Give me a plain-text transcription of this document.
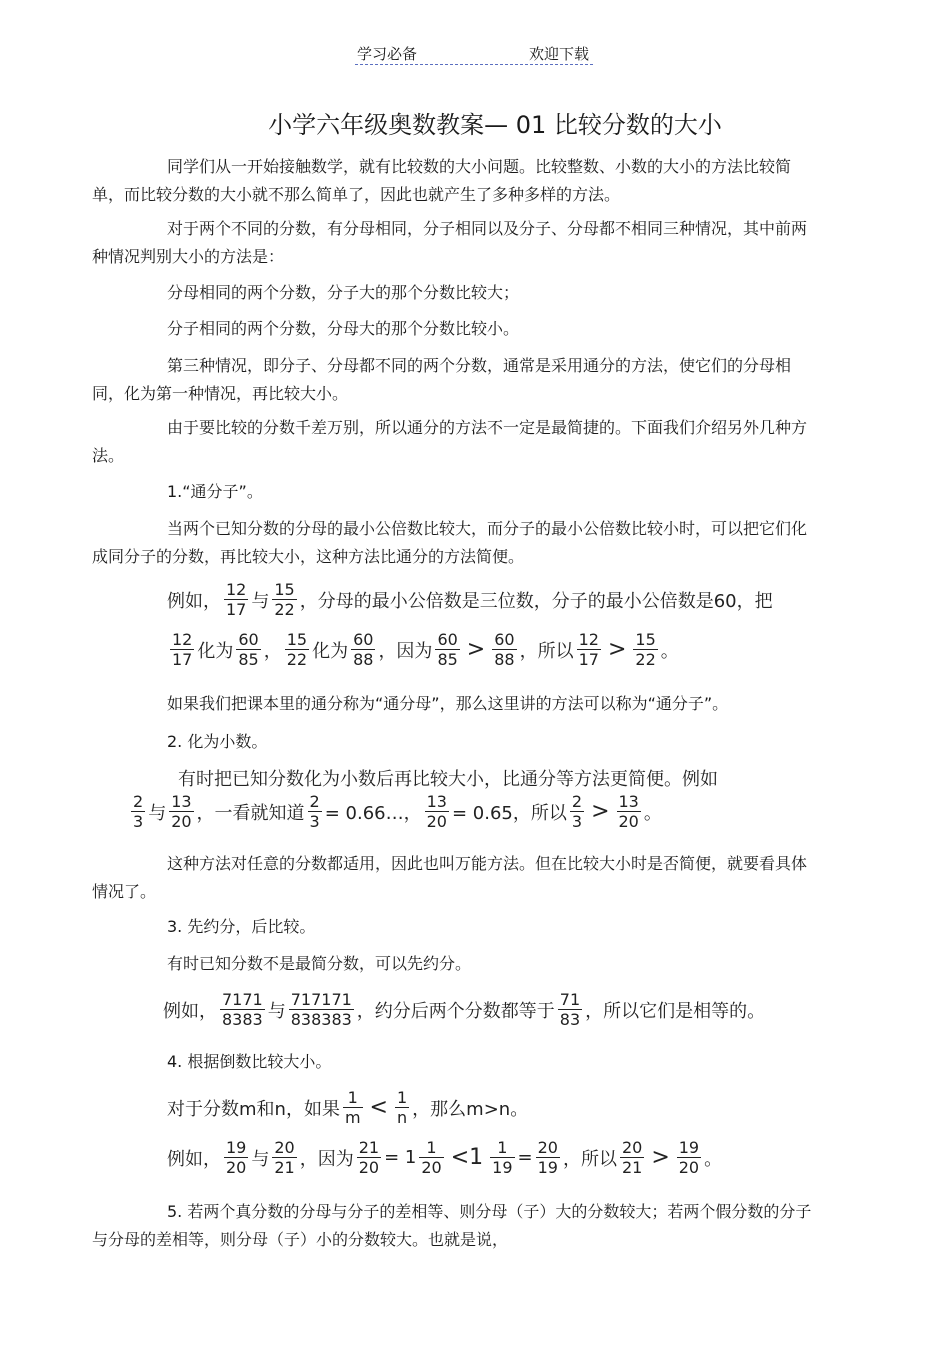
学习必备	欢迎下载
小学六年级奥数教案— 01 比较分数的大小

同学们从一开始接触数学，就有比较数的大小问题。比较整数、小数的大小的方法比较简单，而比较分数的大小就不那么简单了，因此也就产生了多种多样的方法。

对于两个不同的分数，有分母相同，分子相同以及分子、分母都不相同三种情况，其中前两种情况判别大小的方法是：

分母相同的两个分数，分子大的那个分数比较大；

分子相同的两个分数，分母大的那个分数比较小。

第三种情况，即分子、分母都不同的两个分数，通常是采用通分的方法，使它们的分母相同，化为第一种情况，再比较大小。

由于要比较的分数千差万别，所以通分的方法不一定是最简捷的。下面我们介绍另外几种方法。

1.“通分子”。

当两个已知分数的分母的最小公倍数比较大，而分子的最小公倍数比较小时，可以把它们化成同分子的分数，再比较大小，这种方法比通分的方法简便。

例如， $\frac{12}{17}$ 与 $\frac{15}{22}$ ，分母的最小公倍数是三位数，分子的最小公倍数是60，把
$\frac{12}{17}$ 化为 $\frac{60}{85}$ ， $\frac{15}{22}$ 化为 $\frac{60}{88}$ ，因为 $\frac{60}{85} > \frac{60}{88}$ ，所以 $\frac{12}{17} > \frac{15}{22}$ 。

如果我们把课本里的通分称为“通分母”，那么这里讲的方法可以称为“通分子”。

2. 化为小数。

有时把已知分数化为小数后再比较大小，比通分等方法更简便。例如
$\frac{2}{3}$ 与 $\frac{13}{20}$ ，一看就知道 $\frac{2}{3}$ = 0.66…， $\frac{13}{20} = 0.65$，所以 $\frac{2}{3} > \frac{13}{20}$ 。

这种方法对任意的分数都适用，因此也叫万能方法。但在比较大小时是否简便，就要看具体情况了。

3. 先约分，后比较。

有时已知分数不是最简分数，可以先约分。

例如， $\frac{7171}{8383}$ 与 $\frac{717171}{838383}$ ，约分后两个分数都等于 $\frac{71}{83}$ ，所以它们是相等的。

4. 根据倒数比较大小。

对于分数m和n，如果 $\frac{1}{m} < \frac{1}{n}$ ，那么m>n。
例如， $\frac{19}{20}$ 与 $\frac{20}{21}$ ，因为 $\frac{21}{20} = 1 \frac{1}{20} <1 \frac{1}{19} = \frac{20}{19}$ ，所以 $\frac{20}{21} > \frac{19}{20}$ 。

5. 若两个真分数的分母与分子的差相等、则分母（子）大的分数较大；若两个假分数的分子与分母的差相等，则分母（子）小的分数较大。也就是说，
